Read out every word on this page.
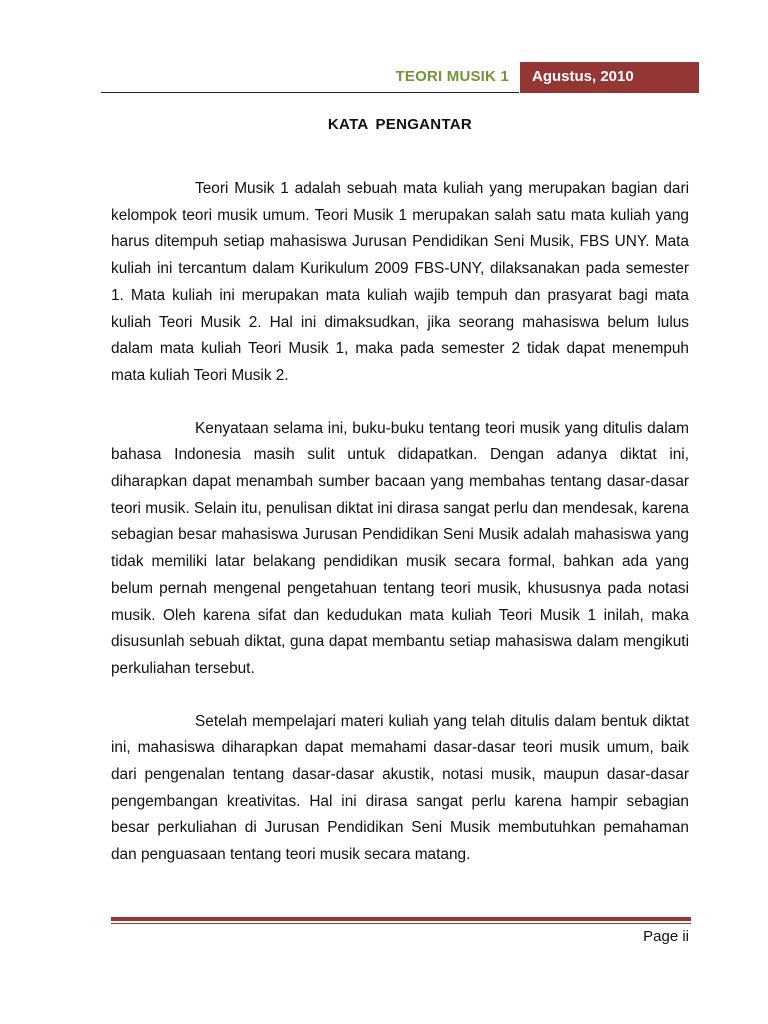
TEORI MUSIK 1	Agustus, 2010
KATA PENGANTAR

Teori Musik 1 adalah sebuah mata kuliah yang merupakan bagian dari kelompok teori musik umum. Teori Musik 1 merupakan salah satu mata kuliah yang harus ditempuh setiap mahasiswa Jurusan Pendidikan Seni Musik, FBS UNY. Mata kuliah ini tercantum dalam Kurikulum 2009 FBS-UNY, dilaksanakan pada semester 1. Mata kuliah ini merupakan mata kuliah wajib tempuh dan prasyarat bagi mata kuliah Teori Musik 2. Hal ini dimaksudkan, jika seorang mahasiswa belum lulus dalam mata kuliah Teori Musik 1, maka pada semester 2 tidak dapat menempuh mata kuliah Teori Musik 2.

Kenyataan selama ini, buku-buku tentang teori musik yang ditulis dalam bahasa Indonesia masih sulit untuk didapatkan. Dengan adanya diktat ini, diharapkan dapat menambah sumber bacaan yang membahas tentang dasar-dasar teori musik. Selain itu, penulisan diktat ini dirasa sangat perlu dan mendesak, karena sebagian besar mahasiswa Jurusan Pendidikan Seni Musik adalah mahasiswa yang tidak memiliki latar belakang pendidikan musik secara formal, bahkan ada yang belum pernah mengenal pengetahuan tentang teori musik, khususnya pada notasi musik. Oleh karena sifat dan kedudukan mata kuliah Teori Musik 1 inilah, maka disusunlah sebuah diktat, guna dapat membantu setiap mahasiswa dalam mengikuti perkuliahan tersebut.

Setelah mempelajari materi kuliah yang telah ditulis dalam bentuk diktat ini, mahasiswa diharapkan dapat memahami dasar-dasar teori musik umum, baik dari pengenalan tentang dasar-dasar akustik, notasi musik, maupun dasar-dasar pengembangan kreativitas. Hal ini dirasa sangat perlu karena hampir sebagian besar perkuliahan di Jurusan Pendidikan Seni Musik membutuhkan pemahaman dan penguasaan tentang teori musik secara matang.

Page ii
